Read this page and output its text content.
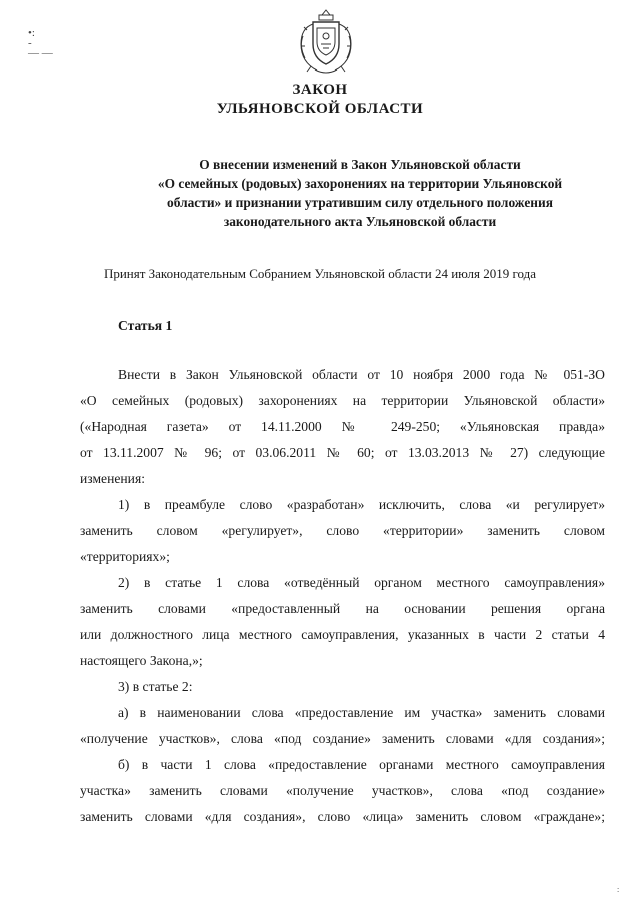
•:
-
— —

ЗАКОН

УЛЬЯНОВСКОЙ ОБЛАСТИ

О внесении изменений в Закон Ульяновской области
«О семейных (родовых) захоронениях на территории Ульяновской
области» и признании утратившим силу отдельного положения
законодательного акта Ульяновской области

Принят Законодательным Собранием Ульяновской области 24 июля 2019 года

Статья 1

Внести в Закон Ульяновской области от 10 ноября 2000 года № 051-ЗО

«О семейных (родовых) захоронениях на территории Ульяновской области»

(«Народная газета» от 14.11.2000 № 249-250; «Ульяновская правда»

от 13.11.2007 № 96; от 03.06.2011 № 60; от 13.03.2013 № 27) следующие

изменения:

1) в преамбуле слово «разработан» исключить, слова «и регулирует»

заменить словом «регулирует», слово «территории» заменить словом

«территориях»;

2) в статье 1 слова «отведённый органом местного самоуправления»

заменить словами «предоставленный на основании решения органа

или должностного лица местного самоуправления, указанных в части 2 статьи 4

настоящего Закона,»;

3) в статье 2:

а) в наименовании слова «предоставление им участка» заменить словами

«получение участков», слова «под создание» заменить словами «для создания»;

б) в части 1 слова «предоставление органами местного самоуправления

участка» заменить словами «получение участков», слова «под создание»

заменить словами «для создания», слово «лица» заменить словом «граждане»;

:
